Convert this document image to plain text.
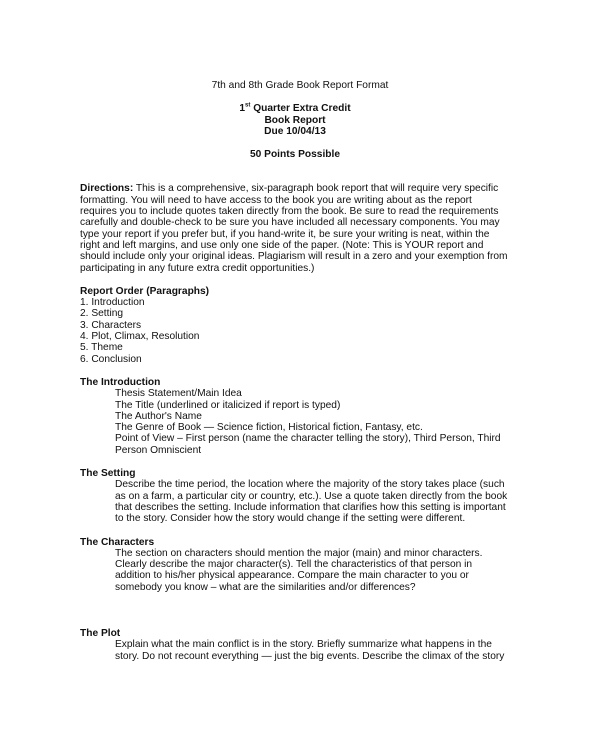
7th and 8th Grade Book Report Format
1st Quarter Extra Credit
Book Report
Due 10/04/13
50 Points Possible

Directions: This is a comprehensive, six-paragraph book report that will require very specific formatting. You will need to have access to the book you are writing about as the report requires you to include quotes taken directly from the book. Be sure to read the requirements carefully and double-check to be sure you have included all necessary components. You may type your report if you prefer but, if you hand-write it, be sure your writing is neat, within the right and left margins, and use only one side of the paper. (Note: This is YOUR report and should include only your original ideas. Plagiarism will result in a zero and your exemption from participating in any future extra credit opportunities.)

Report Order (Paragraphs)
1. Introduction
2. Setting
3. Characters
4. Plot, Climax, Resolution
5. Theme
6. Conclusion
The Introduction
Thesis Statement/Main Idea
The Title (underlined or italicized if report is typed)
The Author's Name
The Genre of Book — Science fiction, Historical fiction, Fantasy, etc.
Point of View – First person (name the character telling the story), Third Person, Third Person Omniscient
The Setting

Describe the time period, the location where the majority of the story takes place (such as on a farm, a particular city or country, etc.). Use a quote taken directly from the book that describes the setting. Include information that clarifies how this setting is important to the story. Consider how the story would change if the setting were different.

The Characters

The section on characters should mention the major (main) and minor characters. Clearly describe the major character(s). Tell the characteristics of that person in addition to his/her physical appearance. Compare the main character to you or somebody you know – what are the similarities and/or differences?

The Plot

Explain what the main conflict is in the story. Briefly summarize what happens in the story. Do not recount everything — just the big events. Describe the climax of the story
